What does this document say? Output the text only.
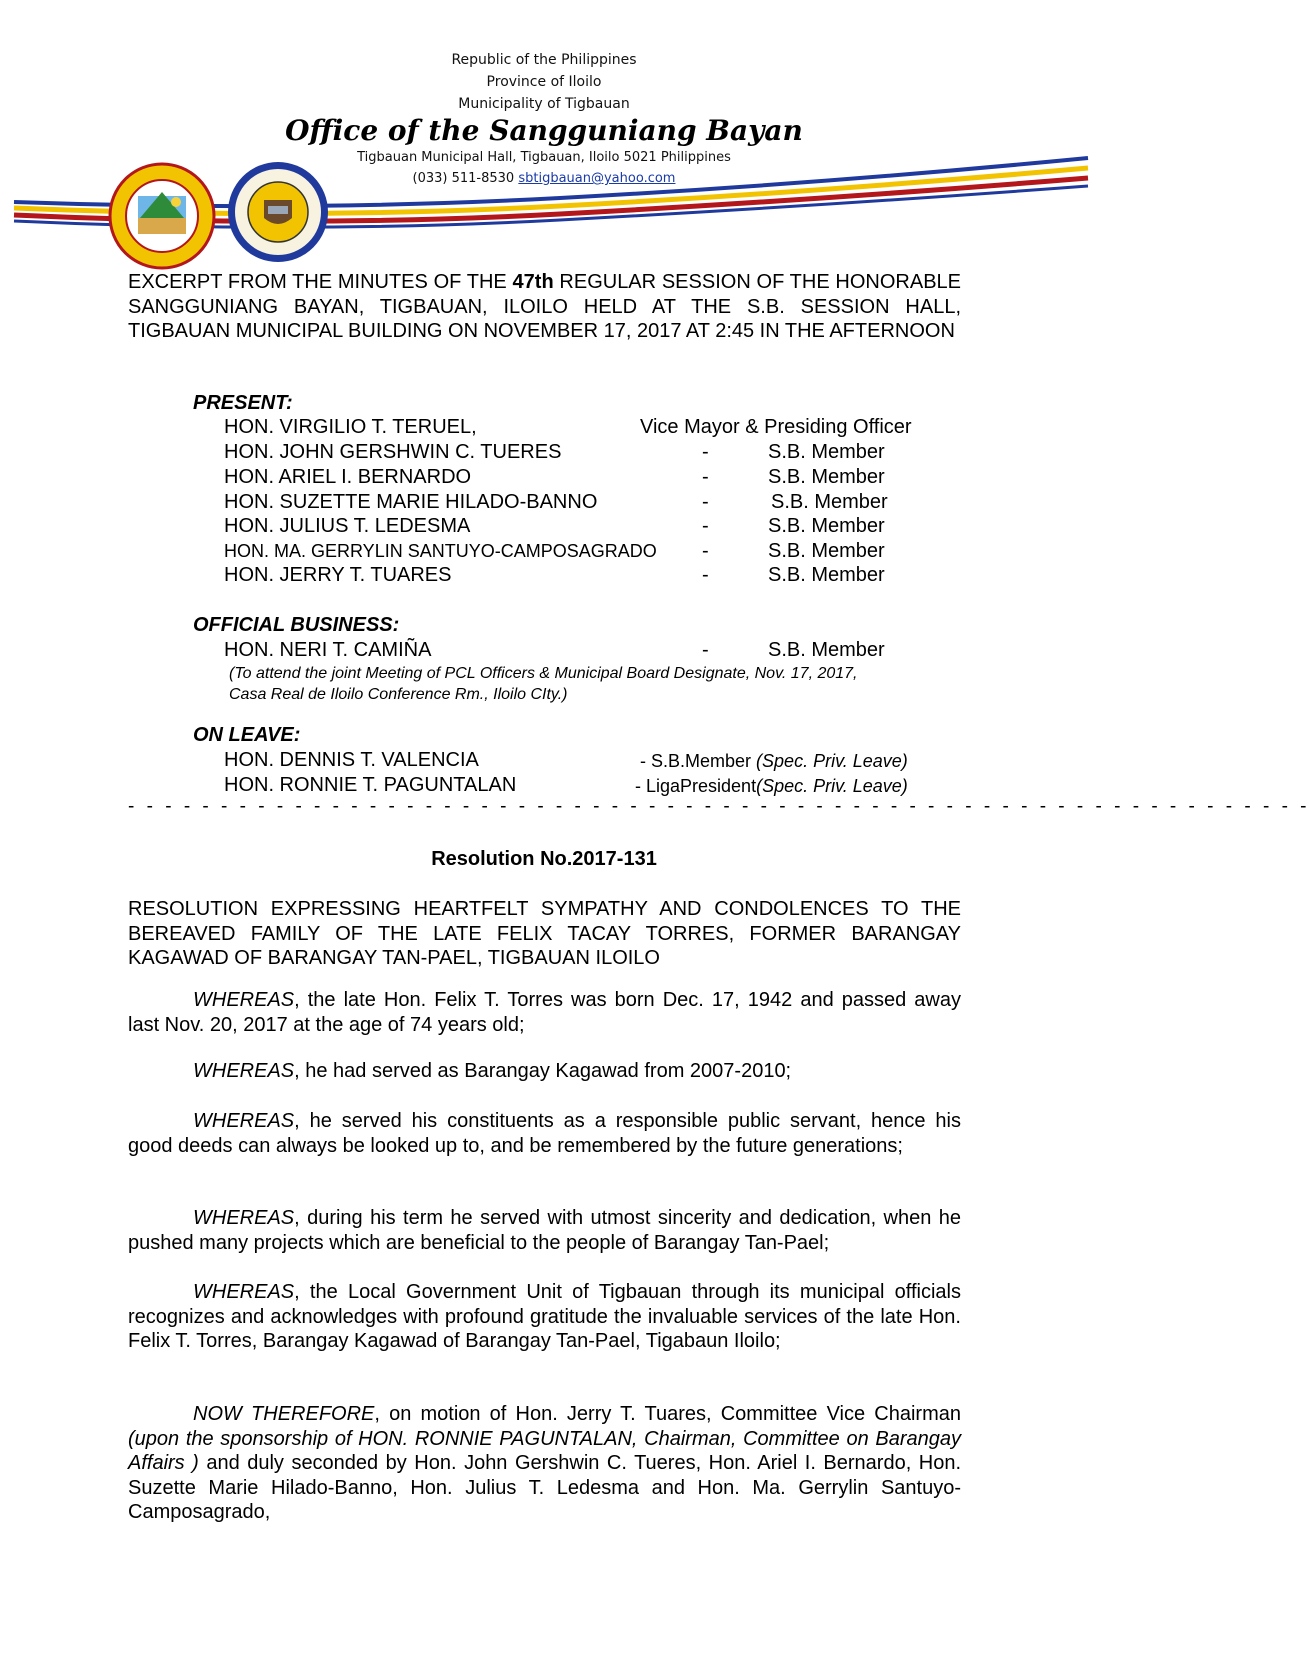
Republic of the Philippines
Province of Iloilo
Municipality of Tigbauan
Office of the Sangguniang Bayan
Tigbauan Municipal Hall, Tigbauan, Iloilo 5021 Philippines
(033) 511-8530 sbtigbauan@yahoo.com
EXCERPT FROM THE MINUTES OF THE 47th REGULAR SESSION OF THE HONORABLE SANGGUNIANG BAYAN, TIGBAUAN, ILOILO HELD AT THE S.B. SESSION HALL, TIGBAUAN MUNICIPAL BUILDING ON NOVEMBER 17, 2017 AT 2:45 IN THE AFTERNOON
PRESENT:
HON. VIRGILIO T. TERUEL,	Vice Mayor & Presiding Officer
HON. JOHN GERSHWIN C. TUERES	-	S.B. Member
HON. ARIEL I. BERNARDO	-	S.B. Member
HON. SUZETTE MARIE HILADO-BANNO	-	S.B. Member
HON. JULIUS T. LEDESMA	-	S.B. Member
HON. MA. GERRYLIN SANTUYO-CAMPOSAGRADO -	S.B. Member
HON. JERRY T. TUARES	-	S.B. Member
OFFICIAL BUSINESS:
HON. NERI T. CAMIÑA	-	S.B. Member
(To attend the joint Meeting of PCL Officers & Municipal Board Designate, Nov. 17, 2017,
Casa Real de Iloilo Conference Rm., Iloilo CIty.)
ON LEAVE:
HON. DENNIS T. VALENCIA	- S.B.Member (Spec. Priv. Leave)
HON. RONNIE T. PAGUNTALAN	- LigaPresident(Spec. Priv. Leave)
- - - - - - - - - - - - - - - - - - - - - - - - - - - - - - - - - - - - - - - - - - - - - - - - - - - - - - - - - - - - - - - -
Resolution No.2017-131
RESOLUTION EXPRESSING HEARTFELT SYMPATHY AND CONDOLENCES TO THE BEREAVED FAMILY OF THE LATE FELIX TACAY TORRES, FORMER BARANGAY KAGAWAD OF BARANGAY TAN-PAEL, TIGBAUAN ILOILO
WHEREAS, the late Hon. Felix T. Torres was born Dec. 17, 1942 and passed away last Nov. 20, 2017 at the age of 74 years old;
WHEREAS, he had served as Barangay Kagawad from 2007-2010;
WHEREAS, he served his constituents as a responsible public servant, hence his good deeds can always be looked up to, and be remembered by the future generations;
WHEREAS, during his term he served with utmost sincerity and dedication, when he pushed many projects which are beneficial to the people of Barangay Tan-Pael;
WHEREAS, the Local Government Unit of Tigbauan through its municipal officials recognizes and acknowledges with profound gratitude the invaluable services of the late Hon. Felix T. Torres, Barangay Kagawad of Barangay Tan-Pael, Tigabaun Iloilo;
NOW THEREFORE, on motion of Hon. Jerry T. Tuares, Committee Vice Chairman (upon the sponsorship of HON. RONNIE PAGUNTALAN, Chairman, Committee on Barangay Affairs ) and duly seconded by Hon. John Gershwin C. Tueres, Hon. Ariel I. Bernardo, Hon. Suzette Marie Hilado-Banno, Hon. Julius T. Ledesma and Hon. Ma. Gerrylin Santuyo-Camposagrado,
